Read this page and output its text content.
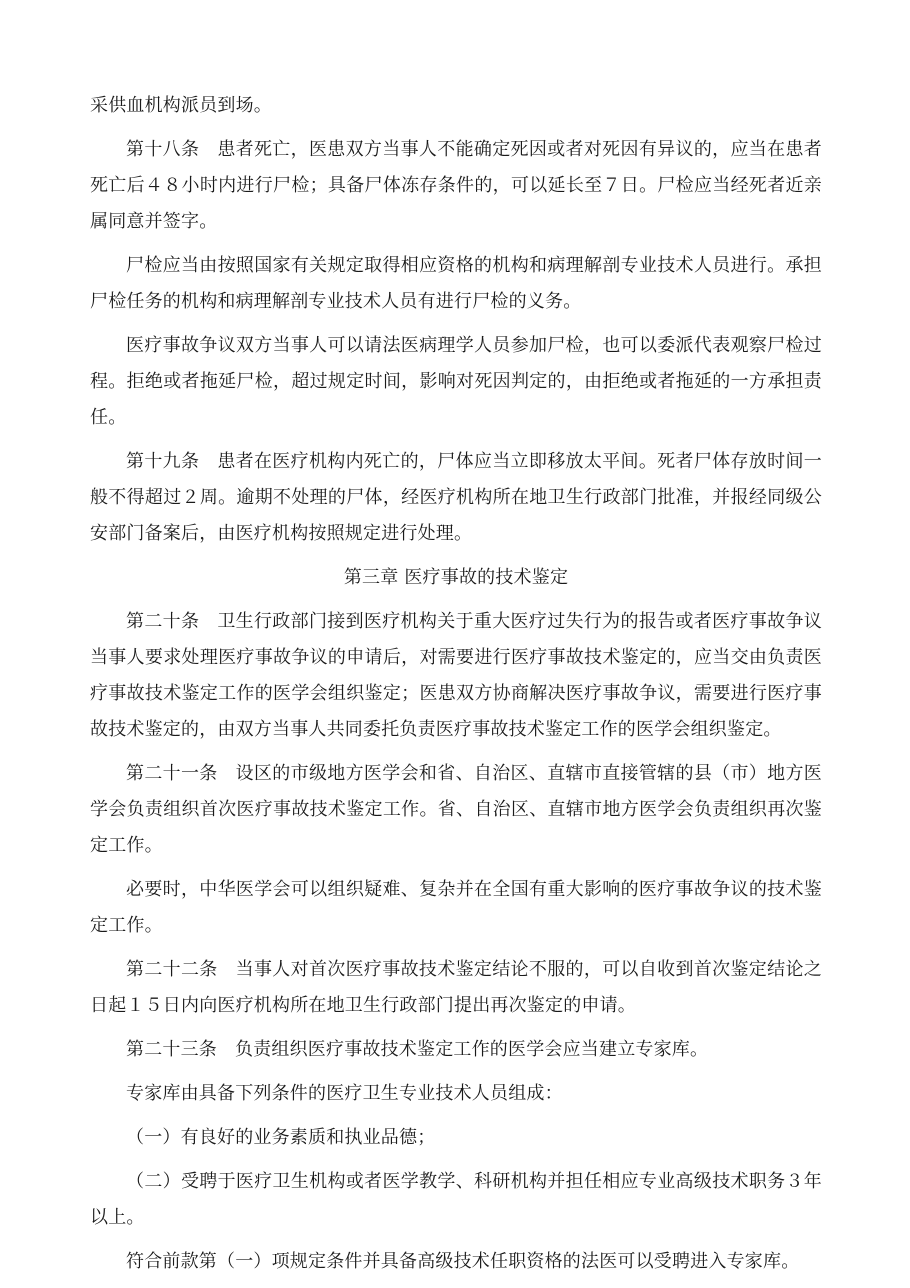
采供血机构派员到场。

第十八条 患者死亡，医患双方当事人不能确定死因或者对死因有异议的，应当在患者死亡后４８小时内进行尸检；具备尸体冻存条件的，可以延长至７日。尸检应当经死者近亲属同意并签字。

尸检应当由按照国家有关规定取得相应资格的机构和病理解剖专业技术人员进行。承担尸检任务的机构和病理解剖专业技术人员有进行尸检的义务。

医疗事故争议双方当事人可以请法医病理学人员参加尸检，也可以委派代表观察尸检过程。拒绝或者拖延尸检，超过规定时间，影响对死因判定的，由拒绝或者拖延的一方承担责任。

第十九条 患者在医疗机构内死亡的，尸体应当立即移放太平间。死者尸体存放时间一般不得超过２周。逾期不处理的尸体，经医疗机构所在地卫生行政部门批准，并报经同级公安部门备案后，由医疗机构按照规定进行处理。

第三章 医疗事故的技术鉴定

第二十条 卫生行政部门接到医疗机构关于重大医疗过失行为的报告或者医疗事故争议当事人要求处理医疗事故争议的申请后，对需要进行医疗事故技术鉴定的，应当交由负责医疗事故技术鉴定工作的医学会组织鉴定；医患双方协商解决医疗事故争议，需要进行医疗事故技术鉴定的，由双方当事人共同委托负责医疗事故技术鉴定工作的医学会组织鉴定。

第二十一条 设区的市级地方医学会和省、自治区、直辖市直接管辖的县（市）地方医学会负责组织首次医疗事故技术鉴定工作。省、自治区、直辖市地方医学会负责组织再次鉴定工作。

必要时，中华医学会可以组织疑难、复杂并在全国有重大影响的医疗事故争议的技术鉴定工作。

第二十二条 当事人对首次医疗事故技术鉴定结论不服的，可以自收到首次鉴定结论之日起１５日内向医疗机构所在地卫生行政部门提出再次鉴定的申请。

第二十三条 负责组织医疗事故技术鉴定工作的医学会应当建立专家库。

专家库由具备下列条件的医疗卫生专业技术人员组成：

（一）有良好的业务素质和执业品德；

（二）受聘于医疗卫生机构或者医学教学、科研机构并担任相应专业高级技术职务３年以上。

符合前款第（一）项规定条件并具备高级技术任职资格的法医可以受聘进入专家库。
